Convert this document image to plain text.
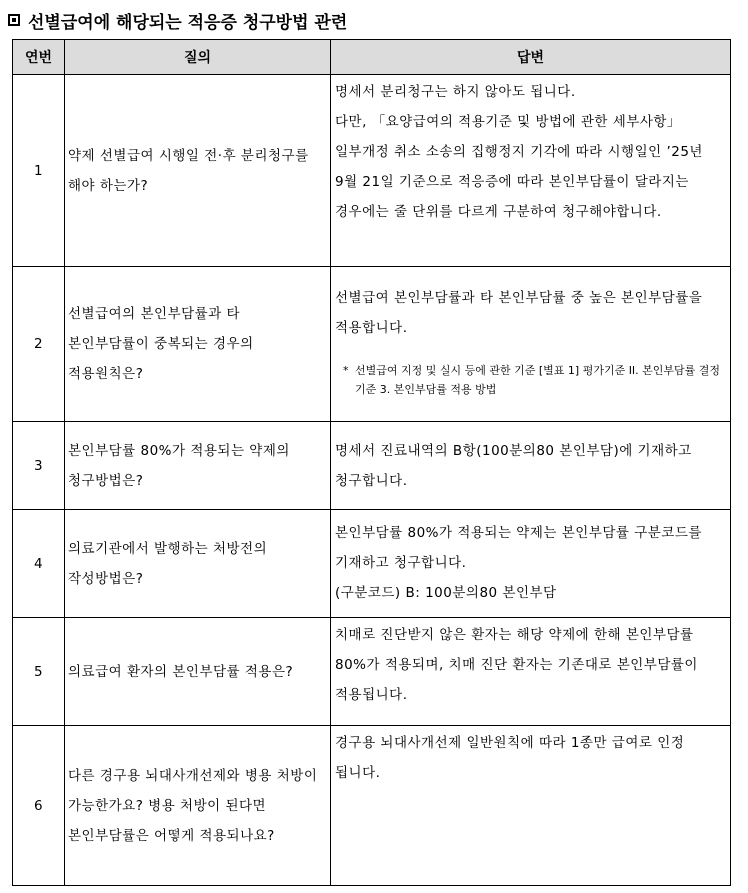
선별급여에 해당되는 적응증 청구방법 관련
연번	질의	답변
1	약제 선별급여 시행일 전·후 분리청구를 해야 하는가?	명세서 분리청구는 하지 않아도 됩니다.

다만, 「요양급여의 적용기준 및 방법에 관한 세부사항」일부개정 취소 소송의 집행정지 기각에 따라 시행일인 ’25년 9월 21일 기준으로 적응증에 따라 본인부담률이 달라지는 경우에는 줄 단위를 다르게 구분하여 청구해야합니다.

2	선별급여의 본인부담률과 타 본인부담률이 중복되는 경우의 적용원칙은?	선별급여 본인부담률과 타 본인부담률 중 높은 본인부담률을 적용합니다.

* 선별급여 지정 및 실시 등에 관한 기준 [별표 1] 평가기준 II. 본인부담률 결정 기준 3. 본인부담률 적용 방법

3	본인부담률 80%가 적용되는 약제의 청구방법은?	명세서 진료내역의 B항(100분의80 본인부담)에 기재하고 청구합니다.

4	의료기관에서 발행하는 처방전의 작성방법은?	본인부담률 80%가 적용되는 약제는 본인부담률 구분코드를 기재하고 청구합니다.

(구분코드) B: 100분의80 본인부담

5	의료급여 환자의 본인부담률 적용은?	치매로 진단받지 않은 환자는 해당 약제에 한해 본인부담률 80%가 적용되며, 치매 진단 환자는 기존대로 본인부담률이 적용됩니다.

6	다른 경구용 뇌대사개선제와 병용 처방이 가능한가요? 병용 처방이 된다면 본인부담률은 어떻게 적용되나요?	경구용 뇌대사개선제 일반원칙에 따라 1종만 급여로 인정 됩니다.
